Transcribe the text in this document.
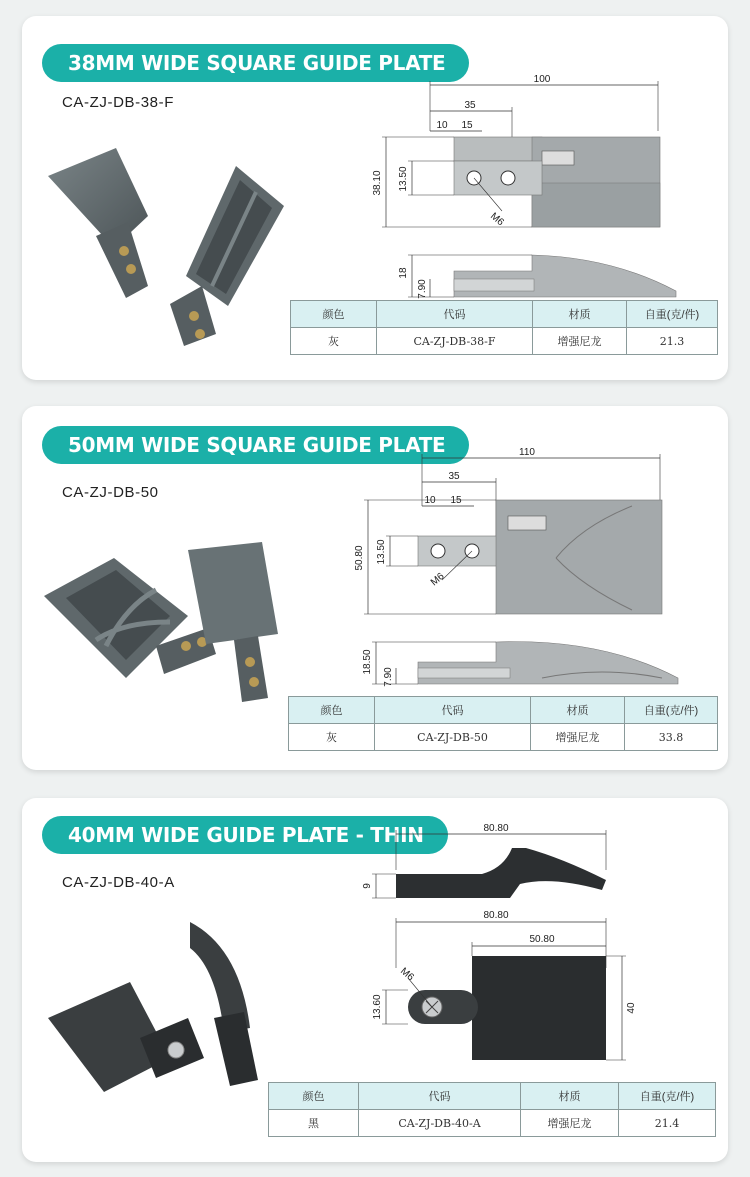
38MM WIDE SQUARE GUIDE PLATE
CA-ZJ-DB-38-F
100
35
10 15
M6
38.10 13.50
18
7.90
颜色	代码	材质	自重(克/件)
灰	CA-ZJ-DB-38-F	增强尼龙	21.3
50MM WIDE SQUARE GUIDE PLATE
CA-ZJ-DB-50
110
35
10 15
M6
50.80 13.50
18.50
7.90
颜色	代码	材质	自重(克/件)
灰	CA-ZJ-DB-50	增强尼龙	33.8
40MM WIDE GUIDE PLATE - THIN
CA-ZJ-DB-40-A
80.80
9
80.80
50.80
M6
13.60	40
颜色	代码	材质	自重(克/件)
黑	CA-ZJ-DB-40-A	增强尼龙	21.4
